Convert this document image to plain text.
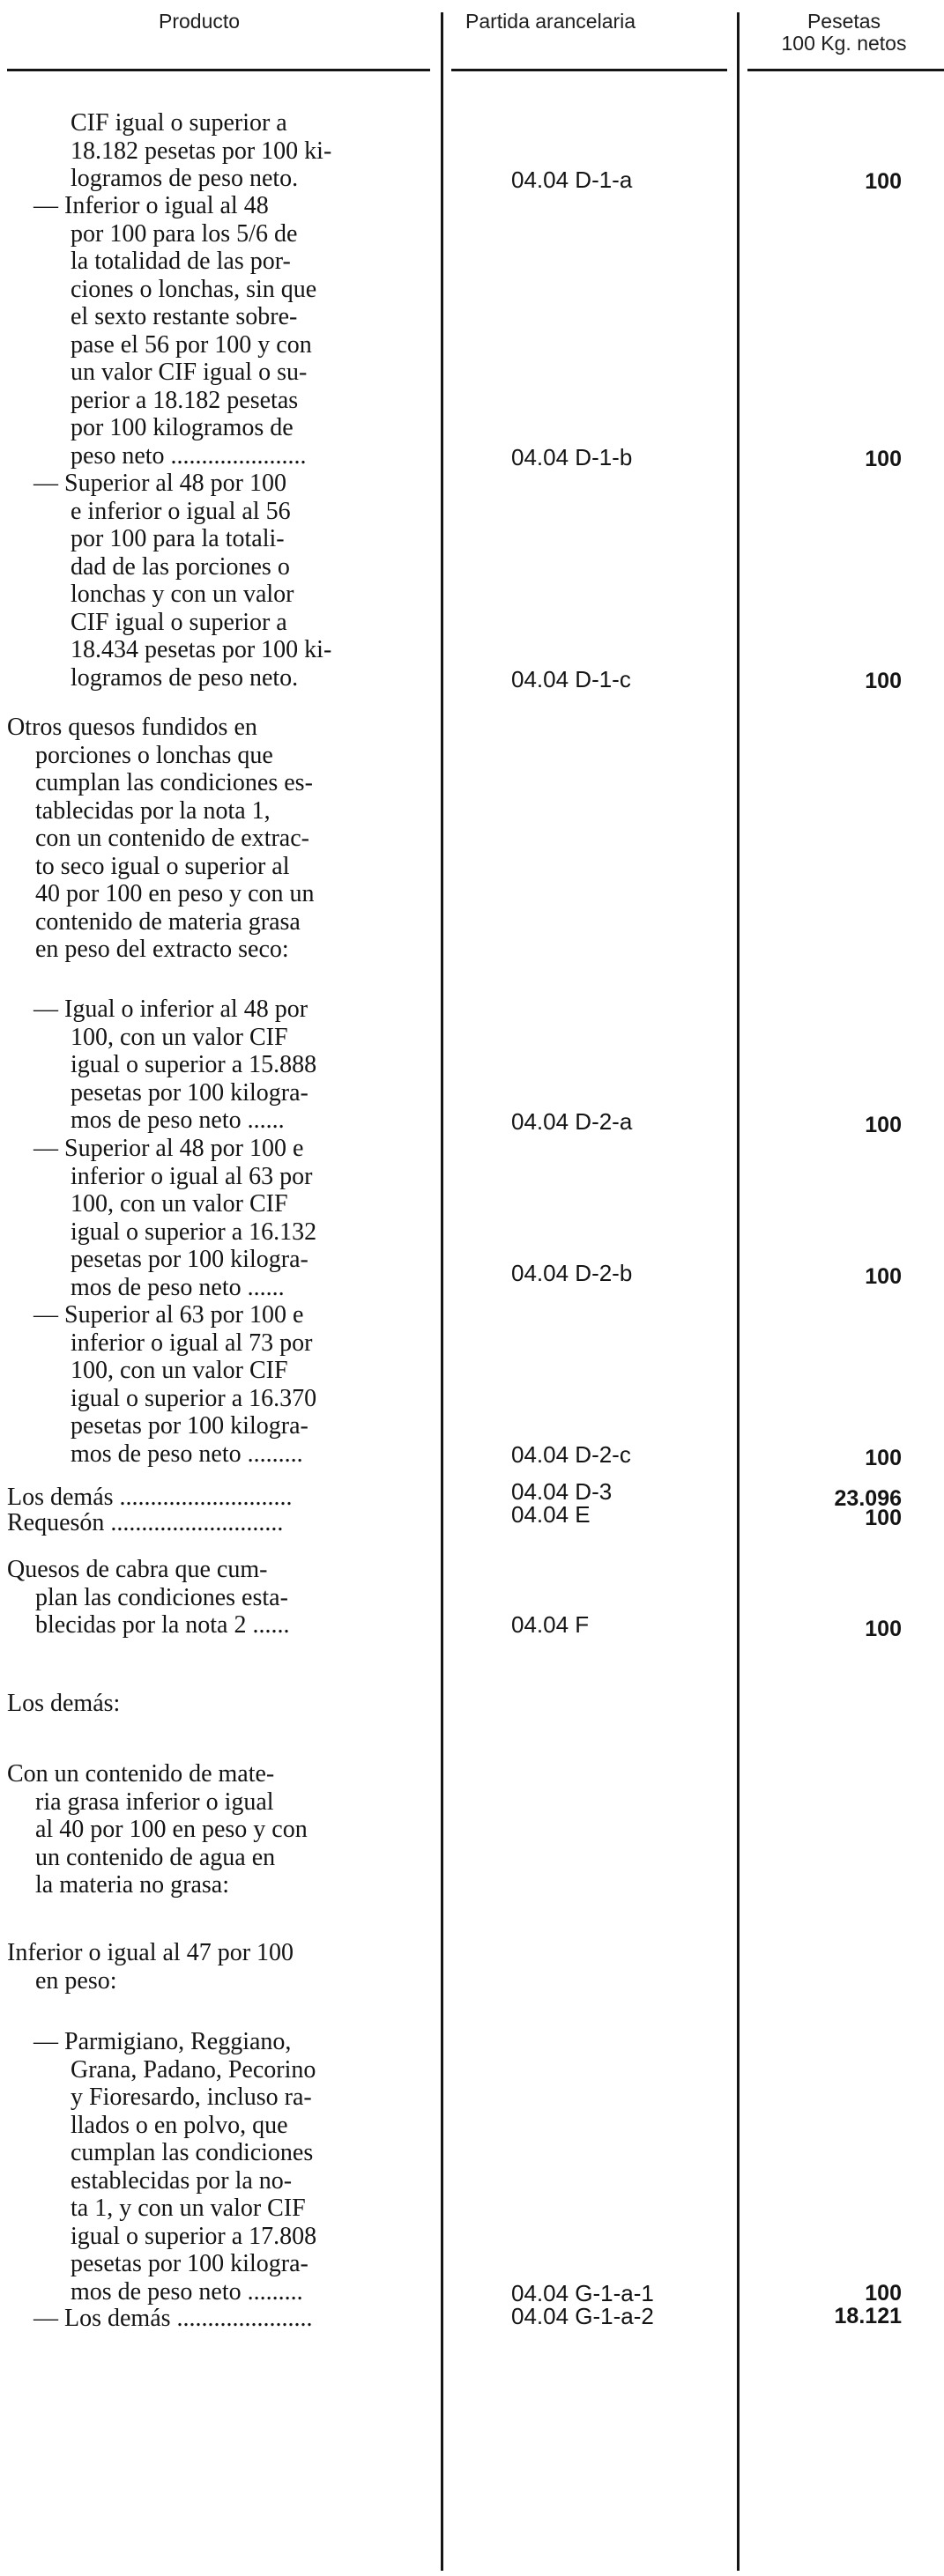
Producto	Partida arancelaria	Pesetas
100 Kg. netos
CIF igual o superior a
18.182 pesetas por 100 ki-
logramos de peso neto.	04.04 D-1-a	100
— Inferior o igual al 48
por 100 para los 5/6 de
la totalidad de las por-
ciones o lonchas, sin que
el sexto restante sobre-
pase el 56 por 100 y con
un valor CIF igual o su-
perior a 18.182 pesetas
por 100 kilogramos de
peso neto ......................	04.04 D-1-b	100
— Superior al 48 por 100
e inferior o igual al 56
por 100 para la totali-
dad de las porciones o
lonchas y con un valor
CIF igual o superior a
18.434 pesetas por 100 ki-
logramos de peso neto.	04.04 D-1-c	100
Otros quesos fundidos en
porciones o lonchas que
cumplan las condiciones es-
tablecidas por la nota 1,
con un contenido de extrac-
to seco igual o superior al
40 por 100 en peso y con un
contenido de materia grasa
en peso del extracto seco:
— Igual o inferior al 48 por
100, con un valor CIF
igual o superior a 15.888
pesetas por 100 kilogra-
mos de peso neto ......	04.04 D-2-a	100
— Superior al 48 por 100 e
inferior o igual al 63 por
100, con un valor CIF
igual o superior a 16.132
pesetas por 100 kilogra-
mos de peso neto ......
04.04 D-2-b	100
— Superior al 63 por 100 e
inferior o igual al 73 por
100, con un valor CIF
igual o superior a 16.370
pesetas por 100 kilogra-
mos de peso neto .........	04.04 D-2-c	100
Los demás ............................	04.04 D-3	23.096
Requesón ............................	04.04 E	100
Quesos de cabra que cum-
plan las condiciones esta-
blecidas por la nota 2 ......	04.04 F	100
Los demás:
Con un contenido de mate-
ria grasa inferior o igual
al 40 por 100 en peso y con
un contenido de agua en
la materia no grasa:
Inferior o igual al 47 por 100
en peso:
— Parmigiano, Reggiano,
Grana, Padano, Pecorino
y Fioresardo, incluso ra-
llados o en polvo, que
cumplan las condiciones
establecidas por la no-
ta 1, y con un valor CIF
igual o superior a 17.808
pesetas por 100 kilogra-
mos de peso neto .........	04.04 G-1-a-1	100
— Los demás ......................	04.04 G-1-a-2	18.121
